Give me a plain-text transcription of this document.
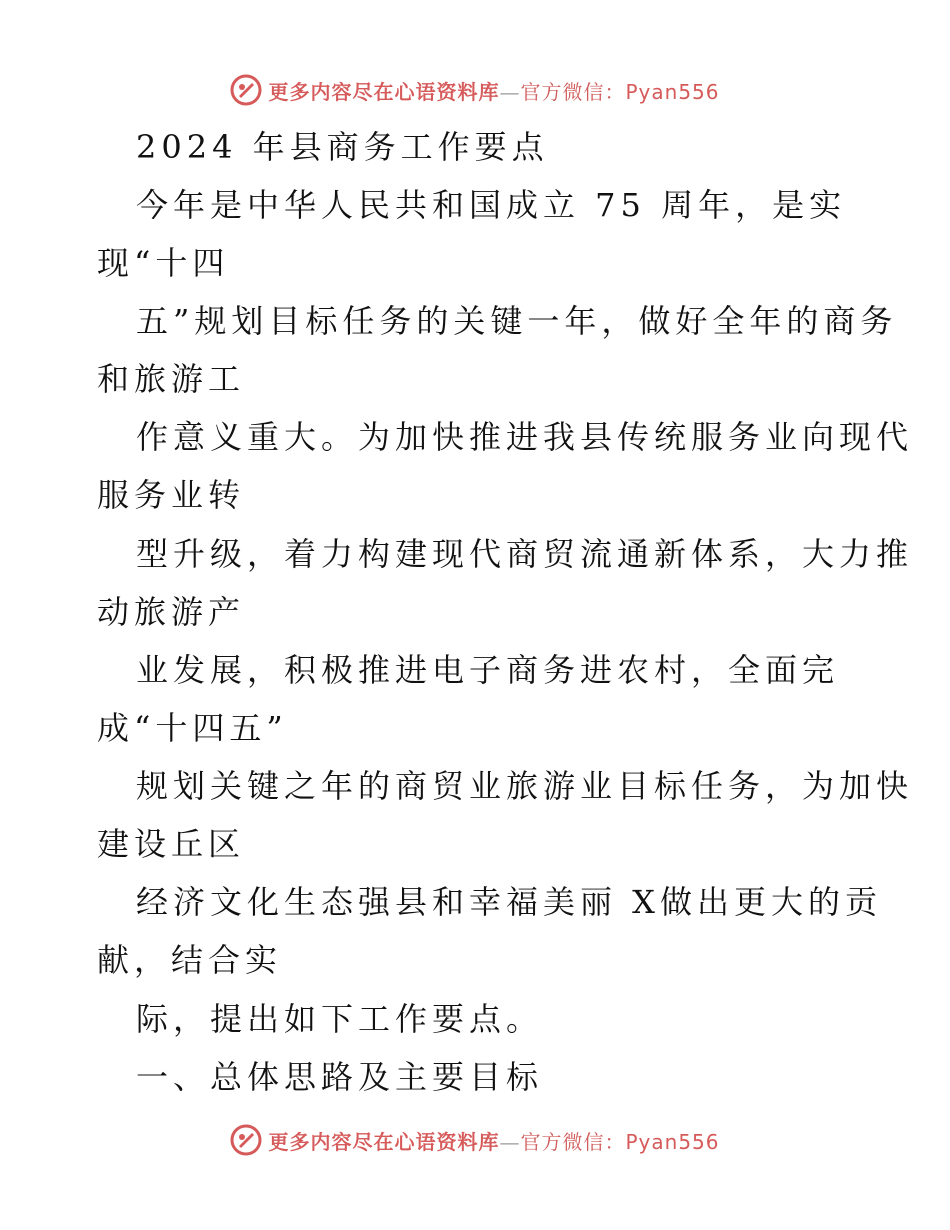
更多内容尽在心语资料库—官方微信：Pyan556
2024 年县商务工作要点
今年是中华人民共和国成立 75 周年，是实
现“十四
五”规划目标任务的关键一年，做好全年的商务
和旅游工
作意义重大。为加快推进我县传统服务业向现代
服务业转
型升级，着力构建现代商贸流通新体系，大力推
动旅游产
业发展，积极推进电子商务进农村，全面完
成“十四五”
规划关键之年的商贸业旅游业目标任务，为加快
建设丘区
经济文化生态强县和幸福美丽 X做出更大的贡
献，结合实
际，提出如下工作要点。
一、总体思路及主要目标
更多内容尽在心语资料库—官方微信：Pyan556
